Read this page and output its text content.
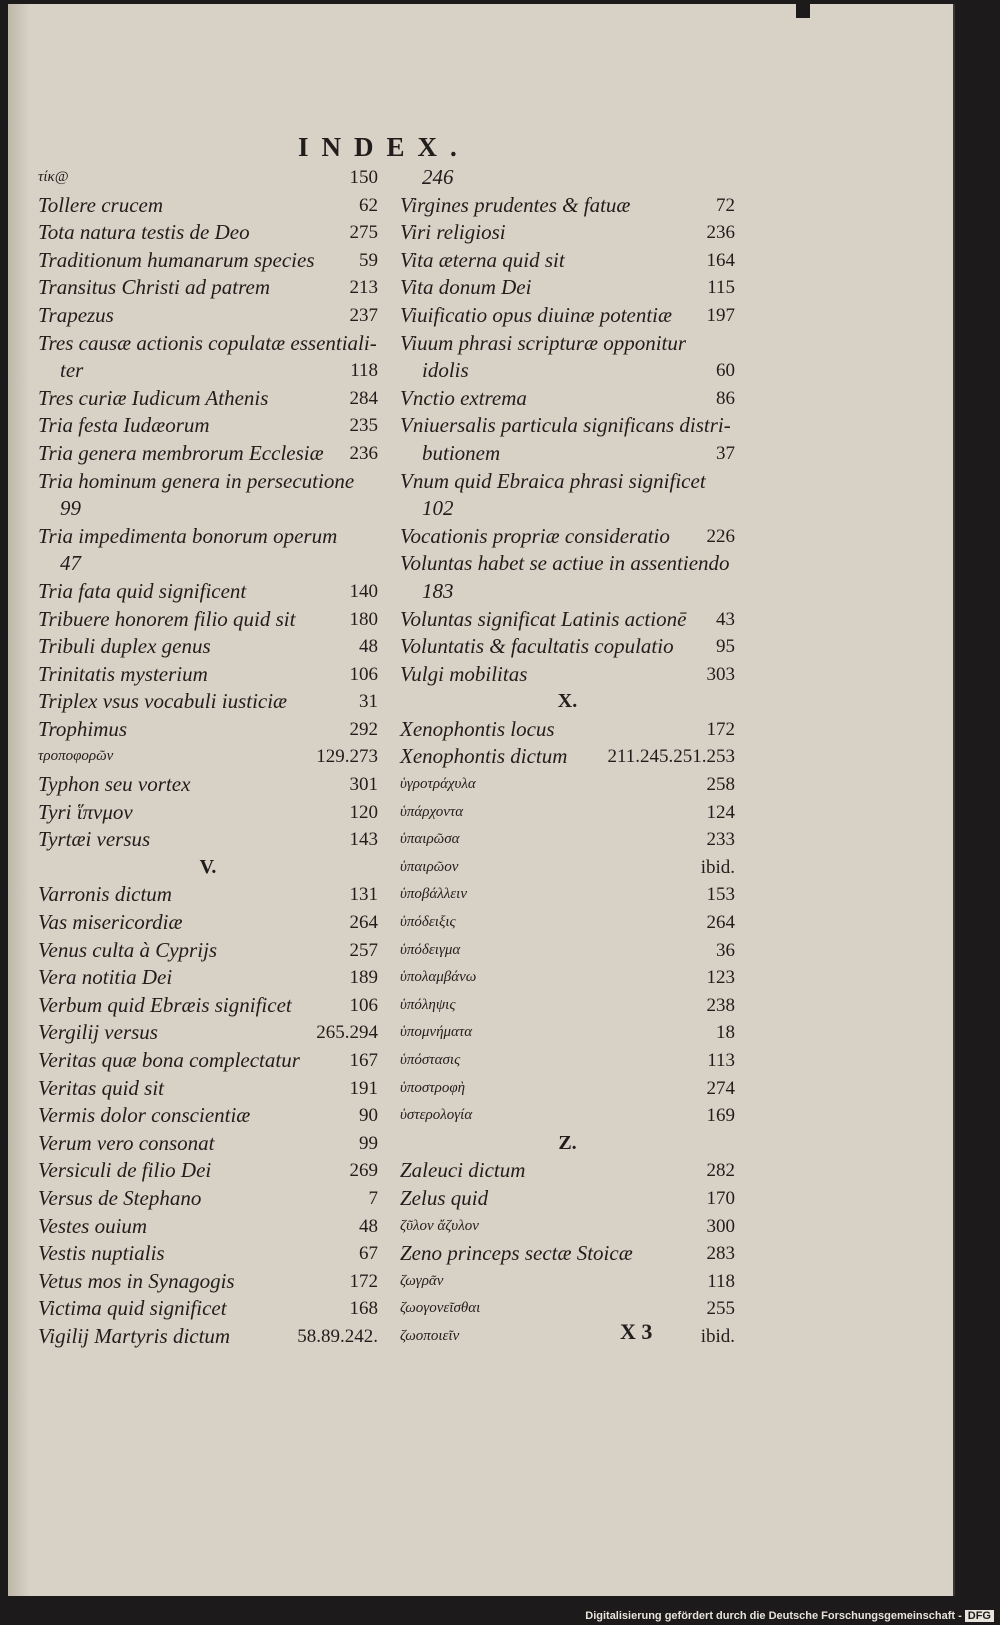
INDEX.
τίκ@	150
Tollere crucem	62
Tota natura testis de Deo	275
Traditionum humanarum species 59
Transitus Christi ad patrem	213
Trapezus	237
Tres causæ actionis copulatæ essentiali-
ter	118
Tres curiæ Iudicum Athenis	284
Tria festa Iudæorum	235
Tria genera membrorum Ecclesiæ 236
Tria hominum genera in persecutione
99
Tria impedimenta bonorum operum
47
Tria fata quid significent	140
Tribuere honorem filio quid sit	180
Tribuli duplex genus	48
Trinitatis mysterium	106
Triplex vsus vocabuli iusticiæ	31
Trophimus	292
τροποφορῶν	129.273
Typhon seu vortex	301
Tyri ἵπνμον	120
Tyrtæi versus	143
V.
Varronis dictum	131
Vas misericordiæ	264
Venus culta à Cyprijs	257
Vera notitia Dei	189
Verbum quid Ebræis significet	106
Vergilij versus	265.294
Veritas quæ bona complectatur	167
Veritas quid sit	191
Vermis dolor conscientiæ	90
Verum vero consonat	99
Versiculi de filio Dei	269
Versus de Stephano	7
Vestes ouium	48
Vestis nuptialis	67
Vetus mos in Synagogis	172
Victima quid significet	168
Vigilij Martyris dictum	58.89.242.
246
Virgines prudentes & fatuæ	72
Viri religiosi	236
Vita æterna quid sit	164
Vita donum Dei	115
Viuificatio opus diuinæ potentiæ 197
Viuum phrasi scripturæ opponitur
idolis	60
Vnctio extrema	86
Vniuersalis particula significans distri-
butionem	37
Vnum quid Ebraica phrasi significet
102
Vocationis propriæ consideratio 226
Voluntas habet se actiue in assentiendo
183
Voluntas significat Latinis actionē 43
Voluntatis & facultatis copulatio 95
Vulgi mobilitas	303
X.
Xenophontis locus	172
Xenophontis dictum 211.245.251.253
ὑγροτράχυλα	258
ὑπάρχοντα	124
ὑπαιρῶσα	233
ὑπαιρῶον	ibid.
ὑποβάλλειν	153
ὑπόδειξις	264
ὑπόδειγμα	36
ὑπολαμβάνω	123
ὑπόληψις	238
ὑπομνήματα	18
ὑπόστασις	113
ὑποστροφὴ	274
ὑστερολογία	169
Z.
Zaleuci dictum	282
Zelus quid	170
ζῦλον ἄζυλον	300
Zeno princeps sectæ Stoicæ	283
ζωγρᾶν	118
ζωογονεῖσθαι	255
ζωοποιεῖν	ibid.
X 3
Digitalisierung gefördert durch die Deutsche Forschungsgemeinschaft - DFG
